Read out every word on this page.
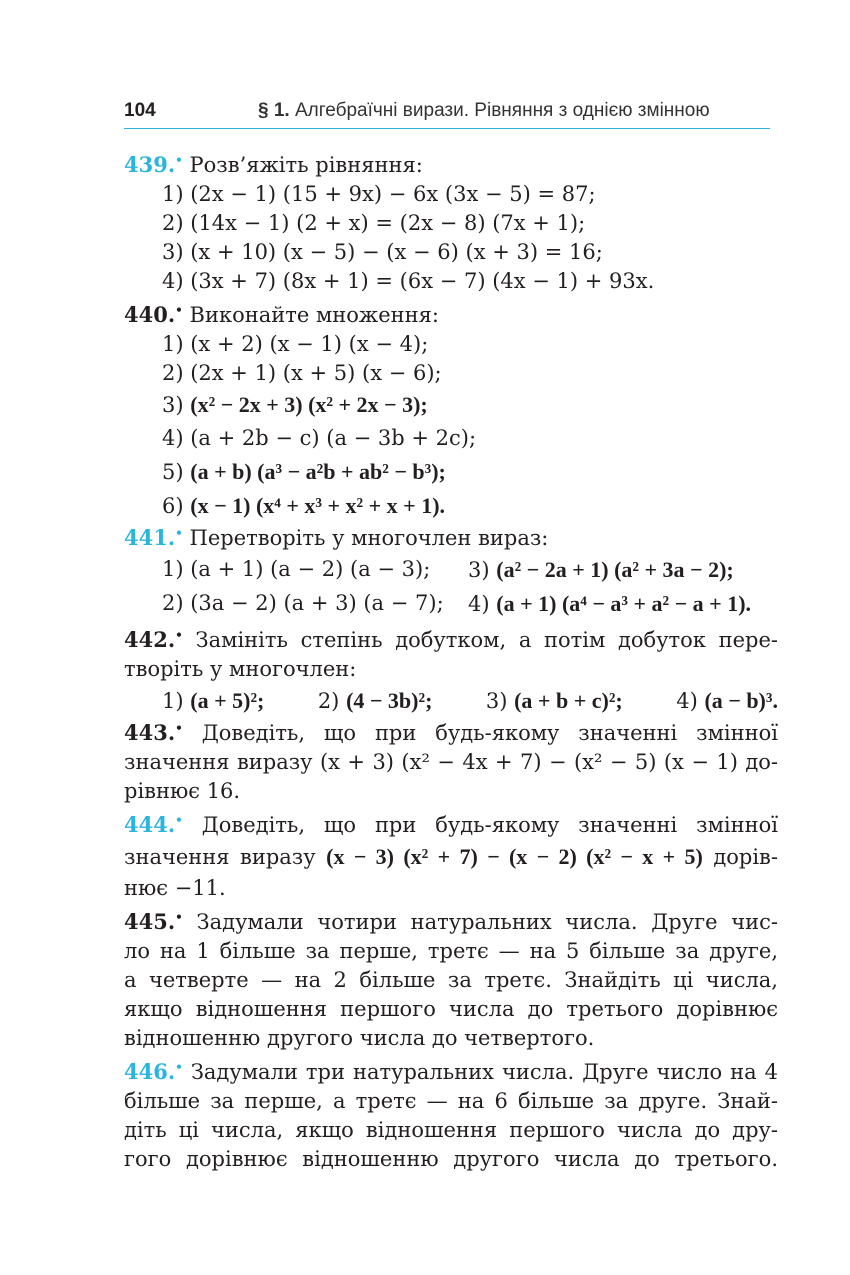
104	§ 1. Алгебраїчні вирази. Рівняння з однією змінною
439.• Розв’яжіть рівняння:
1) (2x − 1) (15 + 9x) − 6x (3x − 5) = 87;
2) (14x − 1) (2 + x) = (2x − 8) (7x + 1);
3) (x + 10) (x − 5) − (x − 6) (x + 3) = 16;
4) (3x + 7) (8x + 1) = (6x − 7) (4x − 1) + 93x.
440.• Виконайте множення:
1) (x + 2) (x − 1) (x − 4);
2) (2x + 1) (x + 5) (x − 6);
3) (x² − 2x + 3) (x² + 2x − 3);
4) (a + 2b − c) (a − 3b + 2c);
5) (a + b) (a³ − a²b + ab² − b³);
6) (x − 1) (x⁴ + x³ + x² + x + 1).
441.• Перетворіть у многочлен вираз:
1) (a + 1) (a − 2) (a − 3);	3) (a² − 2a + 1) (a² + 3a − 2);
2) (3a − 2) (a + 3) (a − 7);	4) (a + 1) (a⁴ − a³ + a² − a + 1).
442.• Замініть степінь добутком, а потім добуток пере-
творіть у многочлен:
1) (a + 5)²;	2) (4 − 3b)²;	3) (a + b + c)²;	4) (a − b)³.
443.• Доведіть, що при будь-якому значенні змінної
значення виразу (x + 3) (x² − 4x + 7) − (x² − 5) (x − 1) до-
рівнює 16.
444.• Доведіть, що при будь-якому значенні змінної
значення виразу (x − 3) (x² + 7) − (x − 2) (x² − x + 5) дорів-
нює −11.
445.• Задумали чотири натуральних числа. Друге чис-
ло на 1 більше за перше, третє — на 5 більше за друге,
а четверте — на 2 більше за третє. Знайдіть ці числа,
якщо відношення першого числа до третього дорівнює
відношенню другого числа до четвертого.
446.• Задумали три натуральних числа. Друге число на 4
більше за перше, а третє — на 6 більше за друге. Знай-
діть ці числа, якщо відношення першого числа до дру-
гого дорівнює відношенню другого числа до третього.
